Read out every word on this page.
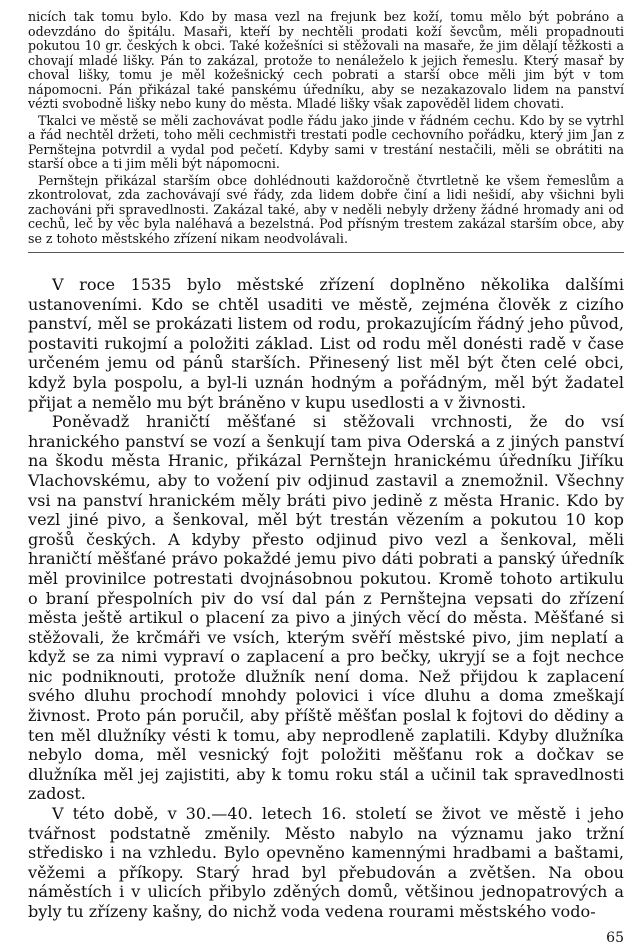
nicích tak tomu bylo. Kdo by masa vezl na frejunk bez koží, tomu mělo být pobráno a odevzdáno do špitálu. Masaři, kteří by nechtěli prodati koží ševcům, měli propadnouti pokutou 10 gr. českých k obci. Také kožešníci si stěžovali na masaře, že jim dělají těžkosti a chovají mladé lišky. Pán to zakázal, protože to nenáleželo k jejich řemeslu. Který masař by choval lišky, tomu je měl kožešnický cech pobrati a starší obce měli jim být v tom nápomocni. Pán přikázal také panskému úředníku, aby se nezakazovalo lidem na panství vézti svobodně lišky nebo kuny do města. Mladé lišky však zapověděl lidem chovati.

Tkalci ve městě se měli zachovávat podle řádu jako jinde v řádném cechu. Kdo by se vytrhl a řád nechtěl držeti, toho měli cechmistři trestati podle cechovního pořádku, který jim Jan z Pernštejna potvrdil a vydal pod pečetí. Kdyby sami v trestání nestačili, měli se obrátiti na starší obce a ti jim měli být nápomocni.

Pernštejn přikázal starším obce dohlédnouti každoročně čtvrtletně ke všem řemeslům a zkontrolovat, zda zachovávají své řády, zda lidem dobře činí a lidi nešidí, aby všichni byli zachováni při spravedlnosti. Zakázal také, aby v neděli nebyly drženy žádné hromady ani od cechů, leč by věc byla naléhavá a bezelstná. Pod přísným trestem zakázal starším obce, aby se z tohoto městského zřízení nikam neodvolávali.

V roce 1535 bylo městské zřízení doplněno několika dalšími ustanoveními. Kdo se chtěl usaditi ve městě, zejména člověk z cizího panství, měl se prokázati listem od rodu, prokazujícím řádný jeho původ, postaviti rukojmí a položiti základ. List od rodu měl donésti radě v čase určeném jemu od pánů starších. Přinesený list měl být čten celé obci, když byla pospolu, a byl-li uznán hodným a pořádným, měl být žadatel přijat a nemělo mu být bráněno v kupu usedlosti a v živnosti.

Poněvadž hraničtí měšťané si stěžovali vrchnosti, že do vsí hranického panství se vozí a šenkují tam piva Oderská a z jiných panství na škodu města Hranic, přikázal Pernštejn hranickému úředníku Jiříku Vlachovskému, aby to vožení piv odjinud zastavil a znemožnil. Všechny vsi na panství hranickém měly bráti pivo jedině z města Hranic. Kdo by vezl jiné pivo, a šenkoval, měl být trestán vězením a pokutou 10 kop grošů českých. A kdyby přesto odjinud pivo vezl a šenkoval, měli hraničtí měšťané právo pokaždé jemu pivo dáti pobrati a panský úředník měl provinilce potrestati dvojnásobnou pokutou. Kromě tohoto artikulu o braní přespolních piv do vsí dal pán z Pernštejna vepsati do zřízení města ještě artikul o placení za pivo a jiných věcí do města. Měšťané si stěžovali, že krčmáři ve vsích, kterým svěří městské pivo, jim neplatí a když se za nimi vypraví o zaplacení a pro bečky, ukryjí se a fojt nechce nic podniknouti, protože dlužník není doma. Než přijdou k zaplacení svého dluhu prochodí mnohdy polovici i více dluhu a doma zmeškají živnost. Proto pán poručil, aby příště měšťan poslal k fojtovi do dědiny a ten měl dlužníky vésti k tomu, aby neprodleně zaplatili. Kdyby dlužníka nebylo doma, měl vesnický fojt položiti měšťanu rok a dočkav se dlužníka měl jej zajistiti, aby k tomu roku stál a učinil tak spravedlnosti zadost.

V této době, v 30.—40. letech 16. století se život ve městě i jeho tvářnost podstatně změnily. Město nabylo na významu jako tržní středisko i na vzhledu. Bylo opevněno kamennými hradbami a baštami, věžemi a příkopy. Starý hrad byl přebudován a zvětšen. Na obou náměstích i v ulicích přibylo zděných domů, většinou jednopatrových a byly tu zřízeny kašny, do nichž voda vedena rourami městského vodo-

65
